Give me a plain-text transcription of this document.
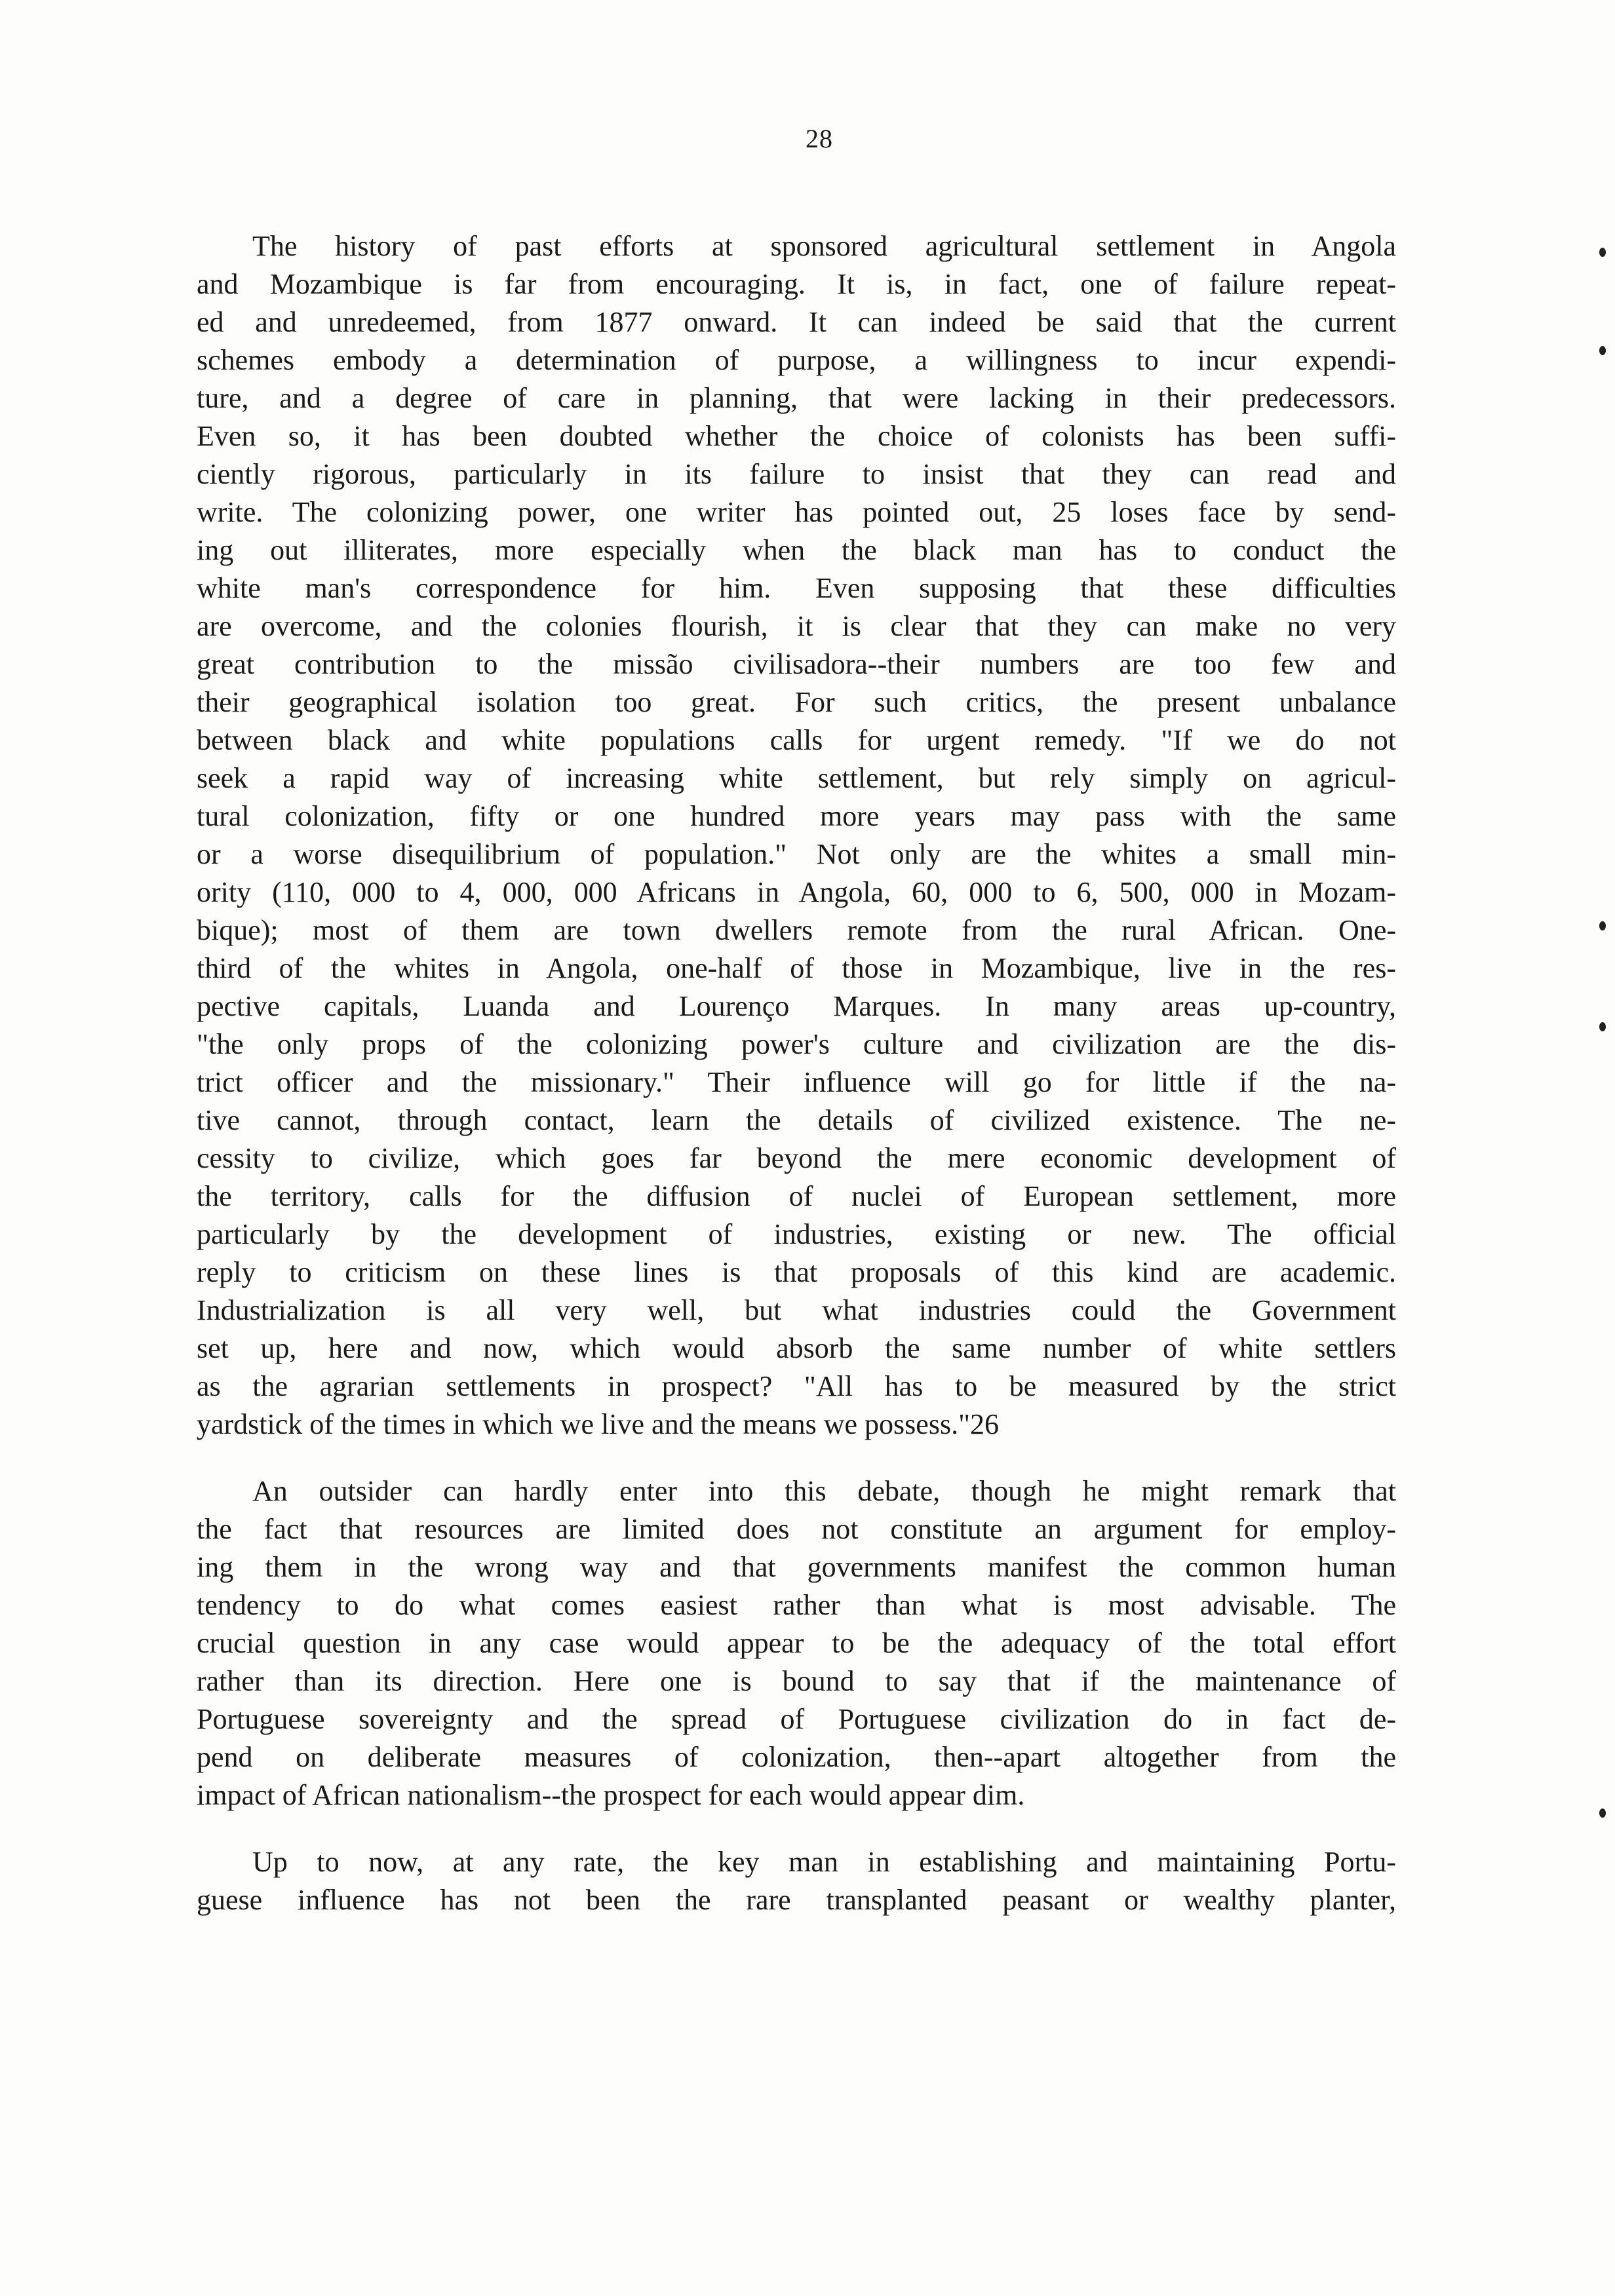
28
The history of past efforts at sponsored agricultural settlement in Angola
and Mozambique is far from encouraging. It is, in fact, one of failure repeat-
ed and unredeemed, from 1877 onward. It can indeed be said that the current
schemes embody a determination of purpose, a willingness to incur expendi-
ture, and a degree of care in planning, that were lacking in their predecessors.
Even so, it has been doubted whether the choice of colonists has been suffi-
ciently rigorous, particularly in its failure to insist that they can read and
write. The colonizing power, one writer has pointed out, 25 loses face by send-
ing out illiterates, more especially when the black man has to conduct the
white man's correspondence for him. Even supposing that these difficulties
are overcome, and the colonies flourish, it is clear that they can make no very
great contribution to the missão civilisadora--their numbers are too few and
their geographical isolation too great. For such critics, the present unbalance
between black and white populations calls for urgent remedy. "If we do not
seek a rapid way of increasing white settlement, but rely simply on agricul-
tural colonization, fifty or one hundred more years may pass with the same
or a worse disequilibrium of population." Not only are the whites a small min-
ority (110, 000 to 4, 000, 000 Africans in Angola, 60, 000 to 6, 500, 000 in Mozam-
bique); most of them are town dwellers remote from the rural African. One-
third of the whites in Angola, one-half of those in Mozambique, live in the res-
pective capitals, Luanda and Lourenço Marques. In many areas up-country,
"the only props of the colonizing power's culture and civilization are the dis-
trict officer and the missionary." Their influence will go for little if the na-
tive cannot, through contact, learn the details of civilized existence. The ne-
cessity to civilize, which goes far beyond the mere economic development of
the territory, calls for the diffusion of nuclei of European settlement, more
particularly by the development of industries, existing or new. The official
reply to criticism on these lines is that proposals of this kind are academic.
Industrialization is all very well, but what industries could the Government
set up, here and now, which would absorb the same number of white settlers
as the agrarian settlements in prospect? "All has to be measured by the strict
yardstick of the times in which we live and the means we possess."26
An outsider can hardly enter into this debate, though he might remark that
the fact that resources are limited does not constitute an argument for employ-
ing them in the wrong way and that governments manifest the common human
tendency to do what comes easiest rather than what is most advisable. The
crucial question in any case would appear to be the adequacy of the total effort
rather than its direction. Here one is bound to say that if the maintenance of
Portuguese sovereignty and the spread of Portuguese civilization do in fact de-
pend on deliberate measures of colonization, then--apart altogether from the
impact of African nationalism--the prospect for each would appear dim.
Up to now, at any rate, the key man in establishing and maintaining Portu-
guese influence has not been the rare transplanted peasant or wealthy planter,
